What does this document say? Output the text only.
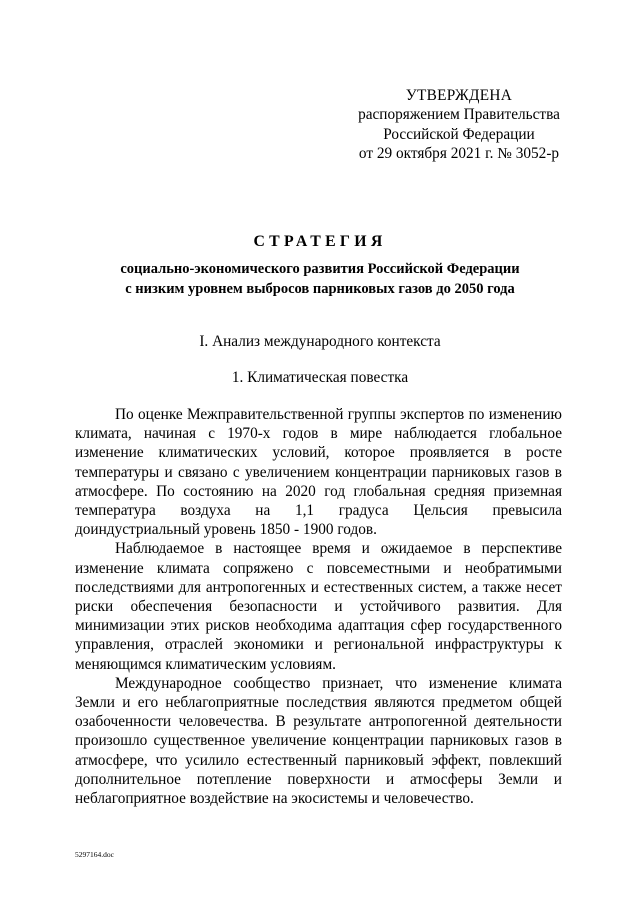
УТВЕРЖДЕНА
распоряжением Правительства
Российской Федерации
от 29 октября 2021 г. № 3052-р
СТРАТЕГИЯ
социально-экономического развития Российской Федерации
с низким уровнем выбросов парниковых газов до 2050 года
I. Анализ международного контекста
1. Климатическая повестка

По оценке Межправительственной группы экспертов по изменению климата, начиная с 1970-х годов в мире наблюдается глобальное изменение климатических условий, которое проявляется в росте температуры и связано с увеличением концентрации парниковых газов в атмосфере. По состоянию на 2020 год глобальная средняя приземная температура воздуха на 1,1 градуса Цельсия превысила доиндустриальный уровень 1850 - 1900 годов.

Наблюдаемое в настоящее время и ожидаемое в перспективе изменение климата сопряжено с повсеместными и необратимыми последствиями для антропогенных и естественных систем, а также несет риски обеспечения безопасности и устойчивого развития. Для минимизации этих рисков необходима адаптация сфер государственного управления, отраслей экономики и региональной инфраструктуры к меняющимся климатическим условиям.

Международное сообщество признает, что изменение климата Земли и его неблагоприятные последствия являются предметом общей озабоченности человечества. В результате антропогенной деятельности произошло существенное увеличение концентрации парниковых газов в атмосфере, что усилило естественный парниковый эффект, повлекший дополнительное потепление поверхности и атмосферы Земли и неблагоприятное воздействие на экосистемы и человечество.

5297164.doc
